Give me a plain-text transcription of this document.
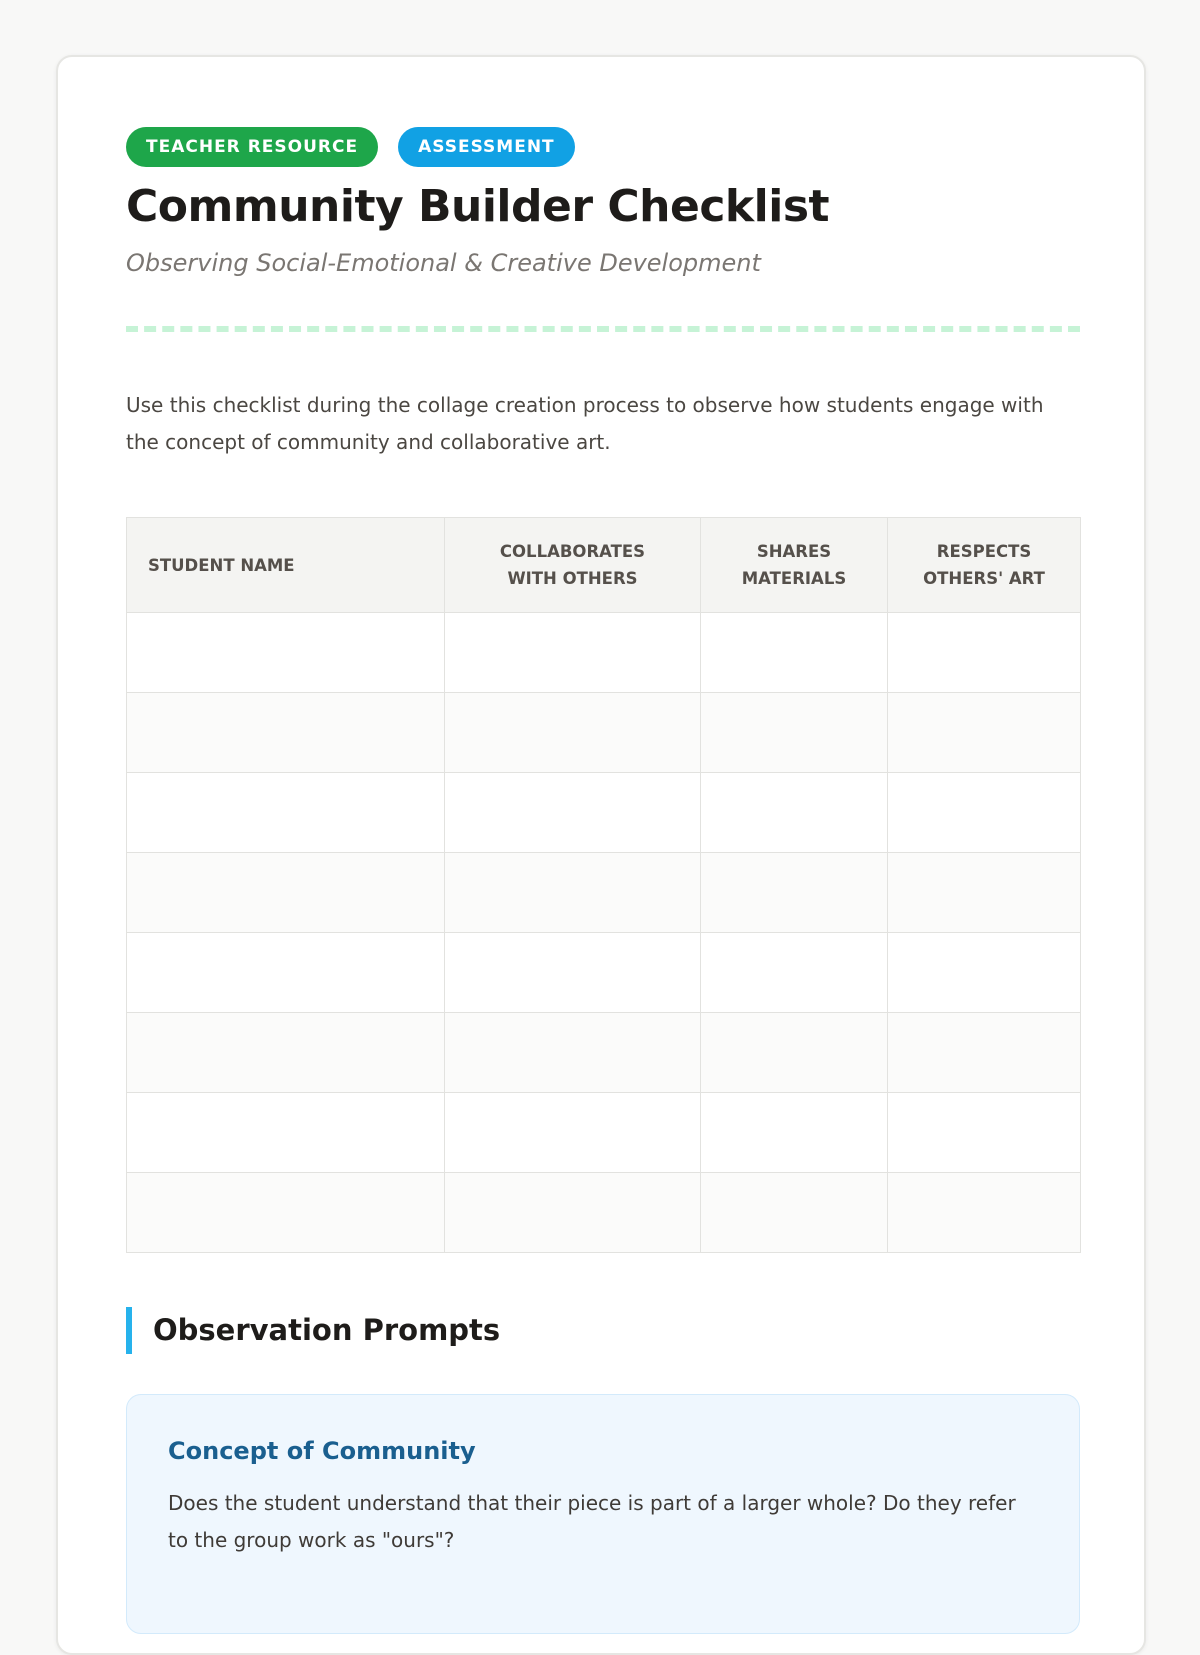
TEACHER RESOURCE	ASSESSMENT
Community Builder Checklist
Observing Social-Emotional & Creative Development

Use this checklist during the collage creation process to observe how students engage with the concept of community and collaborative art.

STUDENT NAME	COLLABORATES WITH OTHERS	SHARES MATERIALS	RESPECTS OTHERS' ART

Observation Prompts
Concept of Community

Does the student understand that their piece is part of a larger whole? Do they refer to the group work as "ours"?
